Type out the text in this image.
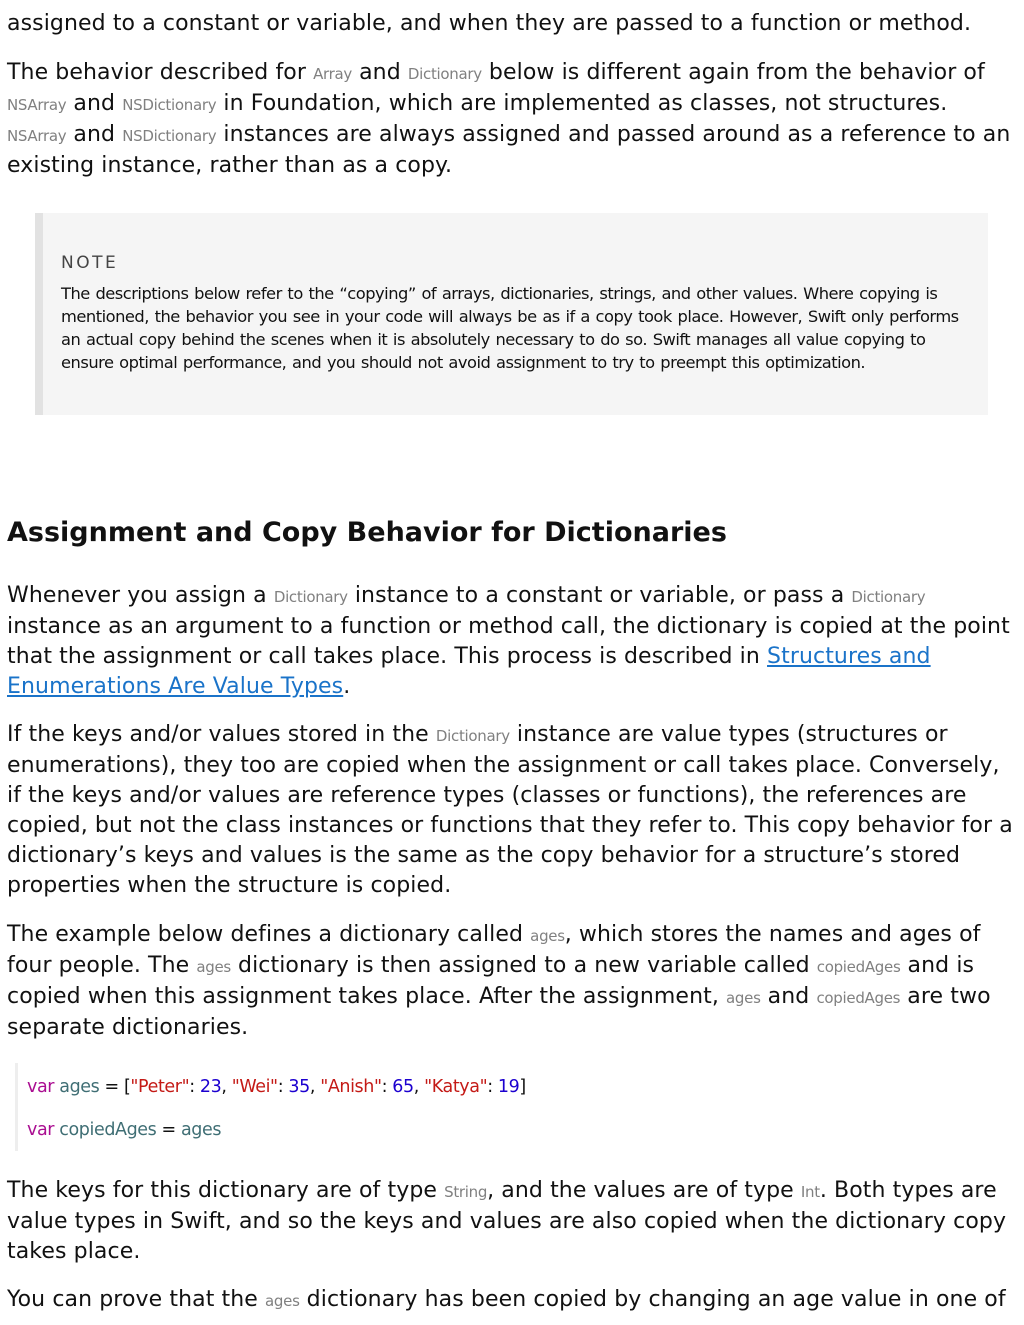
assigned to a constant or variable, and when they are passed to a function or method.

The behavior described for Array and Dictionary below is different again from the behavior of NSArray and NSDictionary in Foundation, which are implemented as classes, not structures. NSArray and NSDictionary instances are always assigned and passed around as a reference to an existing instance, rather than as a copy.

NOTE

The descriptions below refer to the “copying” of arrays, dictionaries, strings, and other values. Where copying is mentioned, the behavior you see in your code will always be as if a copy took place. However, Swift only performs an actual copy behind the scenes when it is absolutely necessary to do so. Swift manages all value copying to ensure optimal performance, and you should not avoid assignment to try to preempt this optimization.

Assignment and Copy Behavior for Dictionaries

Whenever you assign a Dictionary instance to a constant or variable, or pass a Dictionary instance as an argument to a function or method call, the dictionary is copied at the point that the assignment or call takes place. This process is described in Structures and Enumerations Are Value Types.

If the keys and/or values stored in the Dictionary instance are value types (structures or enumerations), they too are copied when the assignment or call takes place. Conversely, if the keys and/or values are reference types (classes or functions), the references are copied, but not the class instances or functions that they refer to. This copy behavior for a dictionary’s keys and values is the same as the copy behavior for a structure’s stored properties when the structure is copied.

The example below defines a dictionary called ages, which stores the names and ages of four people. The ages dictionary is then assigned to a new variable called copiedAges and is copied when this assignment takes place. After the assignment, ages and copiedAges are two separate dictionaries.

var ages = ["Peter": 23, "Wei": 35, "Anish": 65, "Katya": 19]
var copiedAges = ages

The keys for this dictionary are of type String, and the values are of type Int. Both types are value types in Swift, and so the keys and values are also copied when the dictionary copy takes place.

You can prove that the ages dictionary has been copied by changing an age value in one of
